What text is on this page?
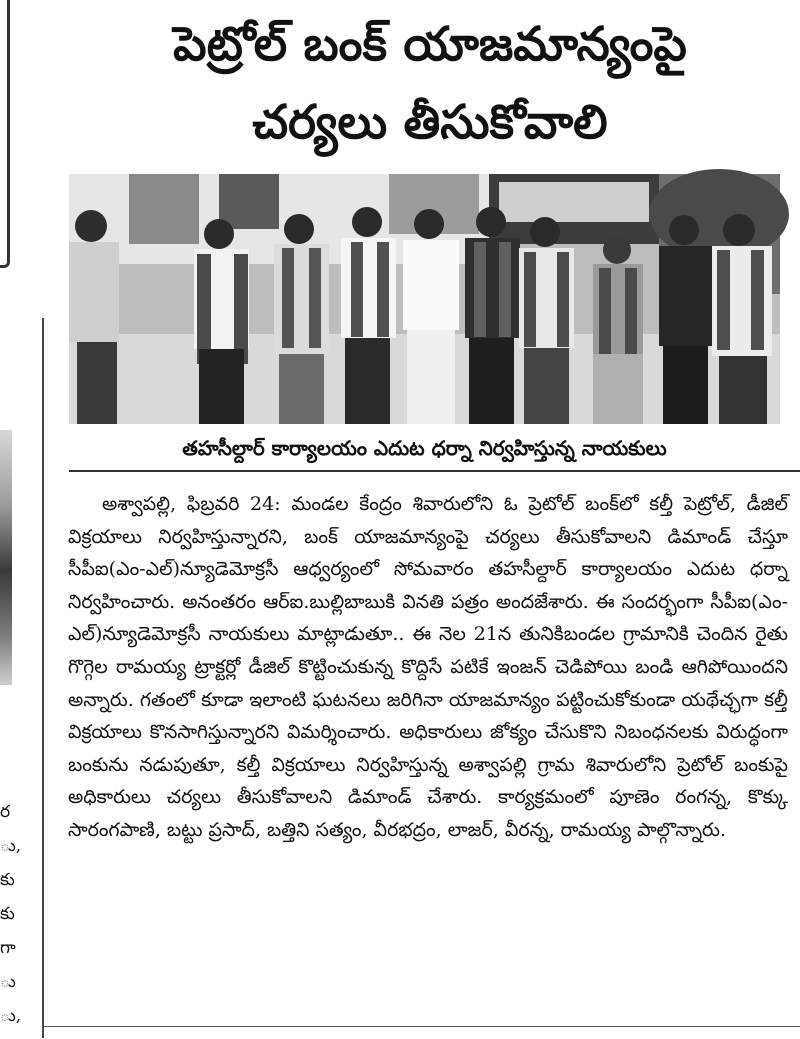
ర
ు,
కు
కు
గా
ు
ు,
పెట్రోల్ బంక్ యాజమాన్యంపై
చర్యలు తీసుకోవాలి
తహసీల్దార్ కార్యాలయం ఎదుట ధర్నా నిర్వహిస్తున్న నాయకులు

అశ్వాపల్లి, ఫిబ్రవరి 24: మండల కేంద్రం శివారులోని ఓ ప్రెటోల్ బంక్‌లో కల్తీ పెట్రోల్, డీజిల్ విక్రయాలు నిర్వహిస్తున్నారని, బంక్ యాజమాన్యంపై చర్యలు తీసుకోవాలని డిమాండ్ చేస్తూ సీపీఐ(ఎం-ఎల్)న్యూడెమోక్రసీ ఆధ్వర్యంలో సోమవారం తహసీల్దార్ కార్యాలయం ఎదుట ధర్నా నిర్వహించారు. అనంతరం ఆర్ఐ.బుల్లిబాబుకి వినతి పత్రం అందజేశారు. ఈ సందర్భంగా సీపీఐ(ఎం-ఎల్)న్యూడెమోక్రసీ నాయకులు మాట్లాడుతూ.. ఈ నెల 21న తునికిబండల గ్రామానికి చెందిన రైతు గొగ్గెల రామయ్య ట్రాక్టర్లో డీజిల్ కొట్టించుకున్న కొద్దిసే పటికే ఇంజన్ చెడిపోయి బండి ఆగిపోయిందని అన్నారు. గతంలో కూడా ఇలాంటి ఘటనలు జరిగినా యాజమాన్యం పట్టించుకోకుండా యథేచ్ఛగా కల్తీ విక్రయాలు కొనసాగిస్తున్నారని విమర్శించారు. అధికారులు జోక్యం చేసుకొని నిబంధనలకు విరుద్ధంగా బంకును నడుపుతూ, కల్తీ విక్రయాలు నిర్వహిస్తున్న అశ్వాపల్లి గ్రామ శివారులోని ప్రెటోల్ బంకుపై అధికారులు చర్యలు తీసుకోవాలని డిమాండ్ చేశారు. కార్యక్రమంలో పూణెం రంగన్న, కొక్కు సారంగపాణి, బట్టు ప్రసాద్, బత్తిని సత్యం, వీరభద్రం, లాజర్, వీరన్న, రామయ్య పాల్గొన్నారు.
